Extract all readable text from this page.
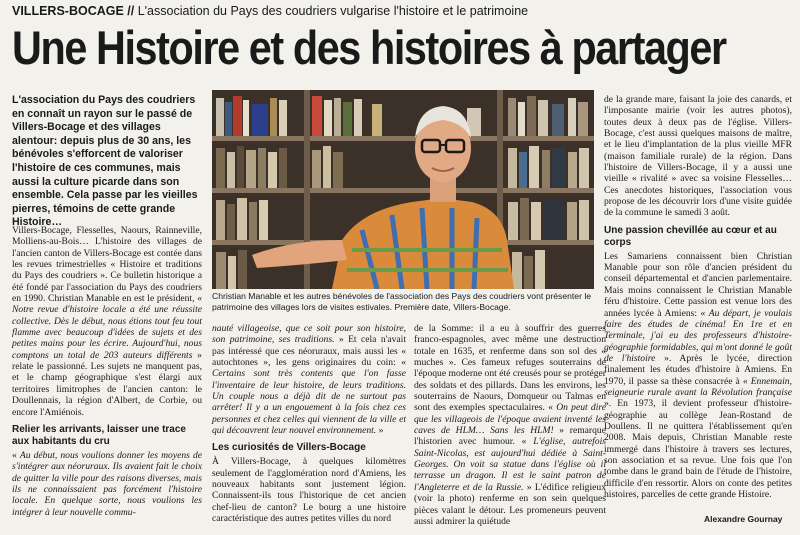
VILLERS-BOCAGE // L'association du Pays des coudriers vulgarise l'histoire et le patrimoine
Une Histoire et des histoires à partager
L'association du Pays des coudriers en connaît un rayon sur le passé de Villers-Bocage et des villages alentour: depuis plus de 30 ans, les bénévoles s'efforcent de valoriser l'histoire de ces communes, mais aussi la culture picarde dans son ensemble. Cela passe par les vieilles pierres, témoins de cette grande Histoire…

Villers-Bocage, Flesselles, Naours, Rainneville, Molliens-au-Bois… L'histoire des villages de l'ancien canton de Villers-Bocage est contée dans les revues trimestrielles « Histoire et traditions du Pays des coudriers ». Ce bulletin historique a été fondé par l'association du Pays des coudriers en 1990. Christian Manable en est le président, « Notre revue d'histoire locale a été une réussite collective. Dès le début, nous étions tout feu tout flamme avec beaucoup d'idées de sujets et des petites mains pour les écrire. Aujourd'hui, nous comptons un total de 203 auteurs différents » relate le passionné. Les sujets ne manquent pas, et le champ géographique s'est élargi aux territoires limitrophes de l'ancien canton: le Doullennais, la région d'Albert, de Corbie, ou encore l'Amiénois.

Relier les arrivants, laisser une trace aux habitants du cru

« Au début, nous voulions donner les moyens de s'intégrer aux néoruraux. Ils avaient fait le choix de quitter la ville pour des raisons diverses, mais ils ne connaissaient pas forcément l'histoire locale. En quelque sorte, nous voulions les intégrer à leur nouvelle commu-

Christian Manable et les autres bénévoles de l'association des Pays des coudriers vont présenter le patrimoine des villages lors de visites estivales. Première date, Villers-Bocage.

nauté villageoise, que ce soit pour son histoire, son patrimoine, ses traditions. » Et cela n'avait pas intéressé que ces néoruraux, mais aussi les « autochtones », les gens originaires du coin: « Certains sont très contents que l'on fasse l'inventaire de leur histoire, de leurs traditions. Un couple nous a déjà dit de ne surtout pas arrêter! Il y a un engouement à la fois chez ces personnes et chez celles qui viennent de la ville et qui découvrent leur nouvel environnement. »

Les curiosités de Villers-Bocage

À Villers-Bocage, à quelques kilomètres seulement de l'agglomération nord d'Amiens, les nouveaux habitants sont justement légion. Connaissent-ils tous l'historique de cet ancien chef-lieu de canton? Le bourg a une histoire caractéristique des autres petites villes du nord

de la Somme: il a eu à souffrir des guerres franco-espagnoles, avec même une destruction totale en 1635, et renferme dans son sol des « muches ». Ces fameux refuges souterrains de l'époque moderne ont été creusés pour se protéger des soldats et des pillards. Dans les environs, les souterrains de Naours, Domqueur ou Talmas en sont des exemples spectaculaires. « On peut dire que les villageois de l'époque avaient inventé les caves de HLM… Sans les HLM! » remarque l'historien avec humour. « L'église, autrefois Saint-Nicolas, est aujourd'hui dédiée à Saint-Georges. On voit sa statue dans l'église où il terrasse un dragon. Il est le saint patron de l'Angleterre et de la Russie. » L'édifice religieux (voir la photo) renferme en son sein quelques pièces valant le détour. Les promeneurs peuvent aussi admirer la quiétude

de la grande mare, faisant la joie des canards, et l'imposante mairie (voir les autres photos), toutes deux à deux pas de l'église. Villers-Bocage, c'est aussi quelques maisons de maître, et le lieu d'implantation de la plus vieille MFR (maison familiale rurale) de la région. Dans l'histoire de Villers-Bocage, il y a aussi une vieille « rivalité » avec sa voisine Flesselles… Ces anecdotes historiques, l'association vous propose de les découvrir lors d'une visite guidée de la commune le samedi 3 août.

Une passion chevillée au cœur et au corps

Les Samariens connaissent bien Christian Manable pour son rôle d'ancien président du conseil départemental et d'ancien parlementaire. Mais moins connaissent le Christian Manable féru d'histoire. Cette passion est venue lors des années lycée à Amiens: « Au départ, je voulais faire des études de cinéma! En 1re et en Terminale, j'ai eu des professeurs d'histoire-géographie formidables, qui m'ont donné le goût de l'histoire ». Après le lycée, direction finalement les études d'histoire à Amiens. En 1970, il passe sa thèse consacrée à « Ennemain, seigneurie rurale avant la Révolution française ». En 1973, il devient professeur d'histoire-géographie au collège Jean-Rostand de Doullens. Il ne quittera l'établissement qu'en 2008. Mais depuis, Christian Manable reste immergé dans l'histoire à travers ses lectures, son association et sa revue. Une fois que l'on tombe dans le grand bain de l'étude de l'histoire, difficile d'en ressortir. Alors on conte des petites histoires, parcelles de cette grande Histoire.

Alexandre Gournay
